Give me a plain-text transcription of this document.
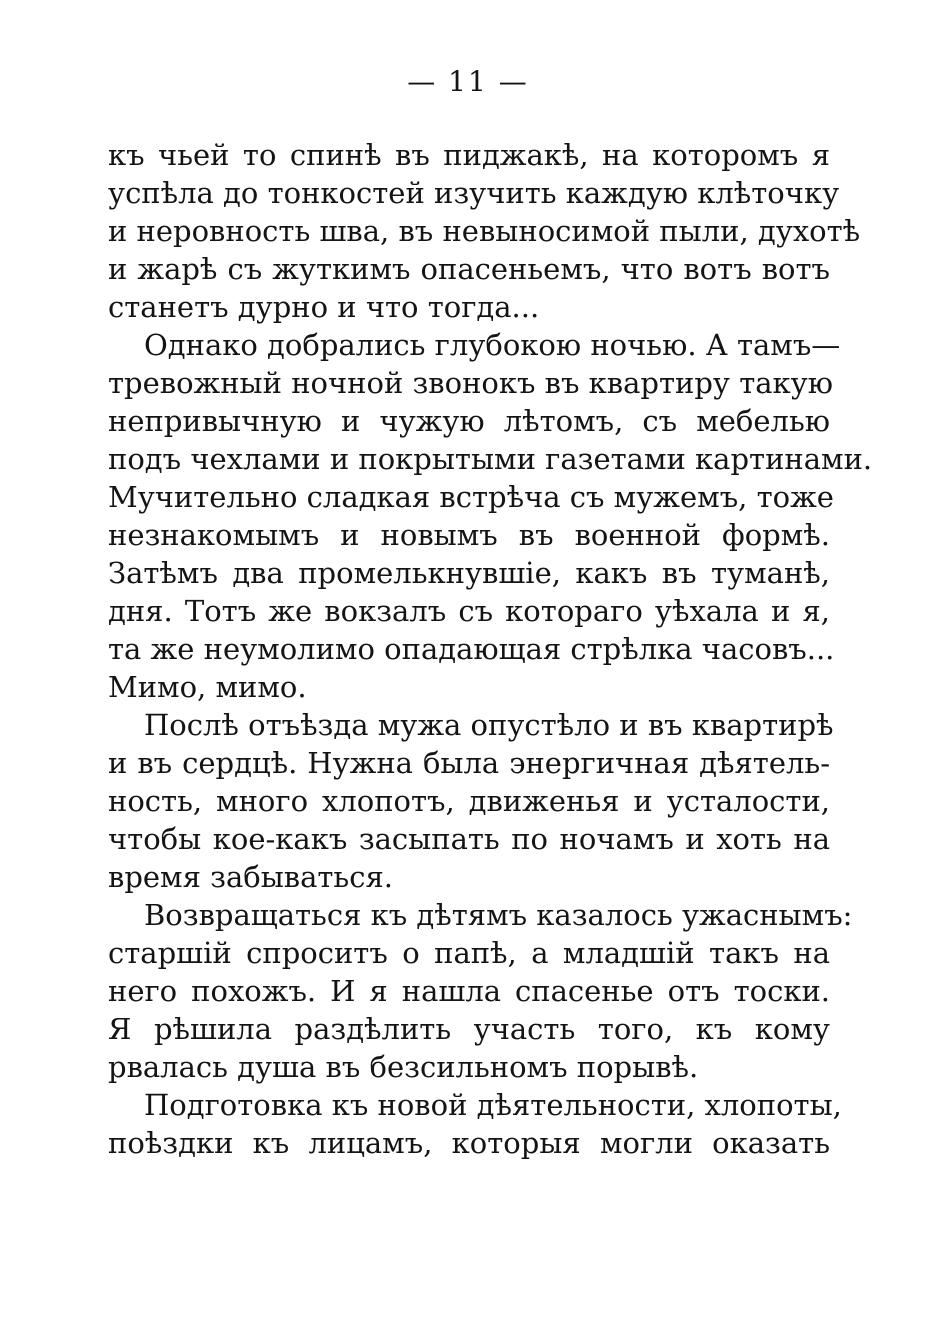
— 11 —
къ чьей то спинѣ въ пиджакѣ, на которомъ я
успѣла до тонкостей изучить каждую клѣточку
и неровность шва, въ невыносимой пыли, духотѣ
и жарѣ съ жуткимъ опасеньемъ, что вотъ вотъ
станетъ дурно и что тогда...
Однако добрались глубокою ночью. А тамъ—
тревожный ночной звонокъ въ квартиру такую
непривычную и чужую лѣтомъ, съ мебелью
подъ чехлами и покрытыми газетами картинами.
Мучительно сладкая встрѣча съ мужемъ, тоже
незнакомымъ и новымъ въ военной формѣ.
Затѣмъ два промелькнувшіе, какъ въ туманѣ,
дня. Тотъ же вокзалъ съ котораго уѣхала и я,
та же неумолимо опадающая стрѣлка часовъ...
Мимо, мимо.
Послѣ отъѣзда мужа опустѣло и въ квартирѣ
и въ сердцѣ. Нужна была энергичная дѣятель-
ность, много хлопотъ, движенья и усталости,
чтобы кое-какъ засыпать по ночамъ и хоть на
время забываться.
Возвращаться къ дѣтямъ казалось ужаснымъ:
старшій спроситъ о папѣ, а младшій такъ на
него похожъ. И я нашла спасенье отъ тоски.
Я рѣшила раздѣлить участь того, къ кому
рвалась душа въ безсильномъ порывѣ.
Подготовка къ новой дѣятельности, хлопоты,
поѣздки къ лицамъ, которыя могли оказать
